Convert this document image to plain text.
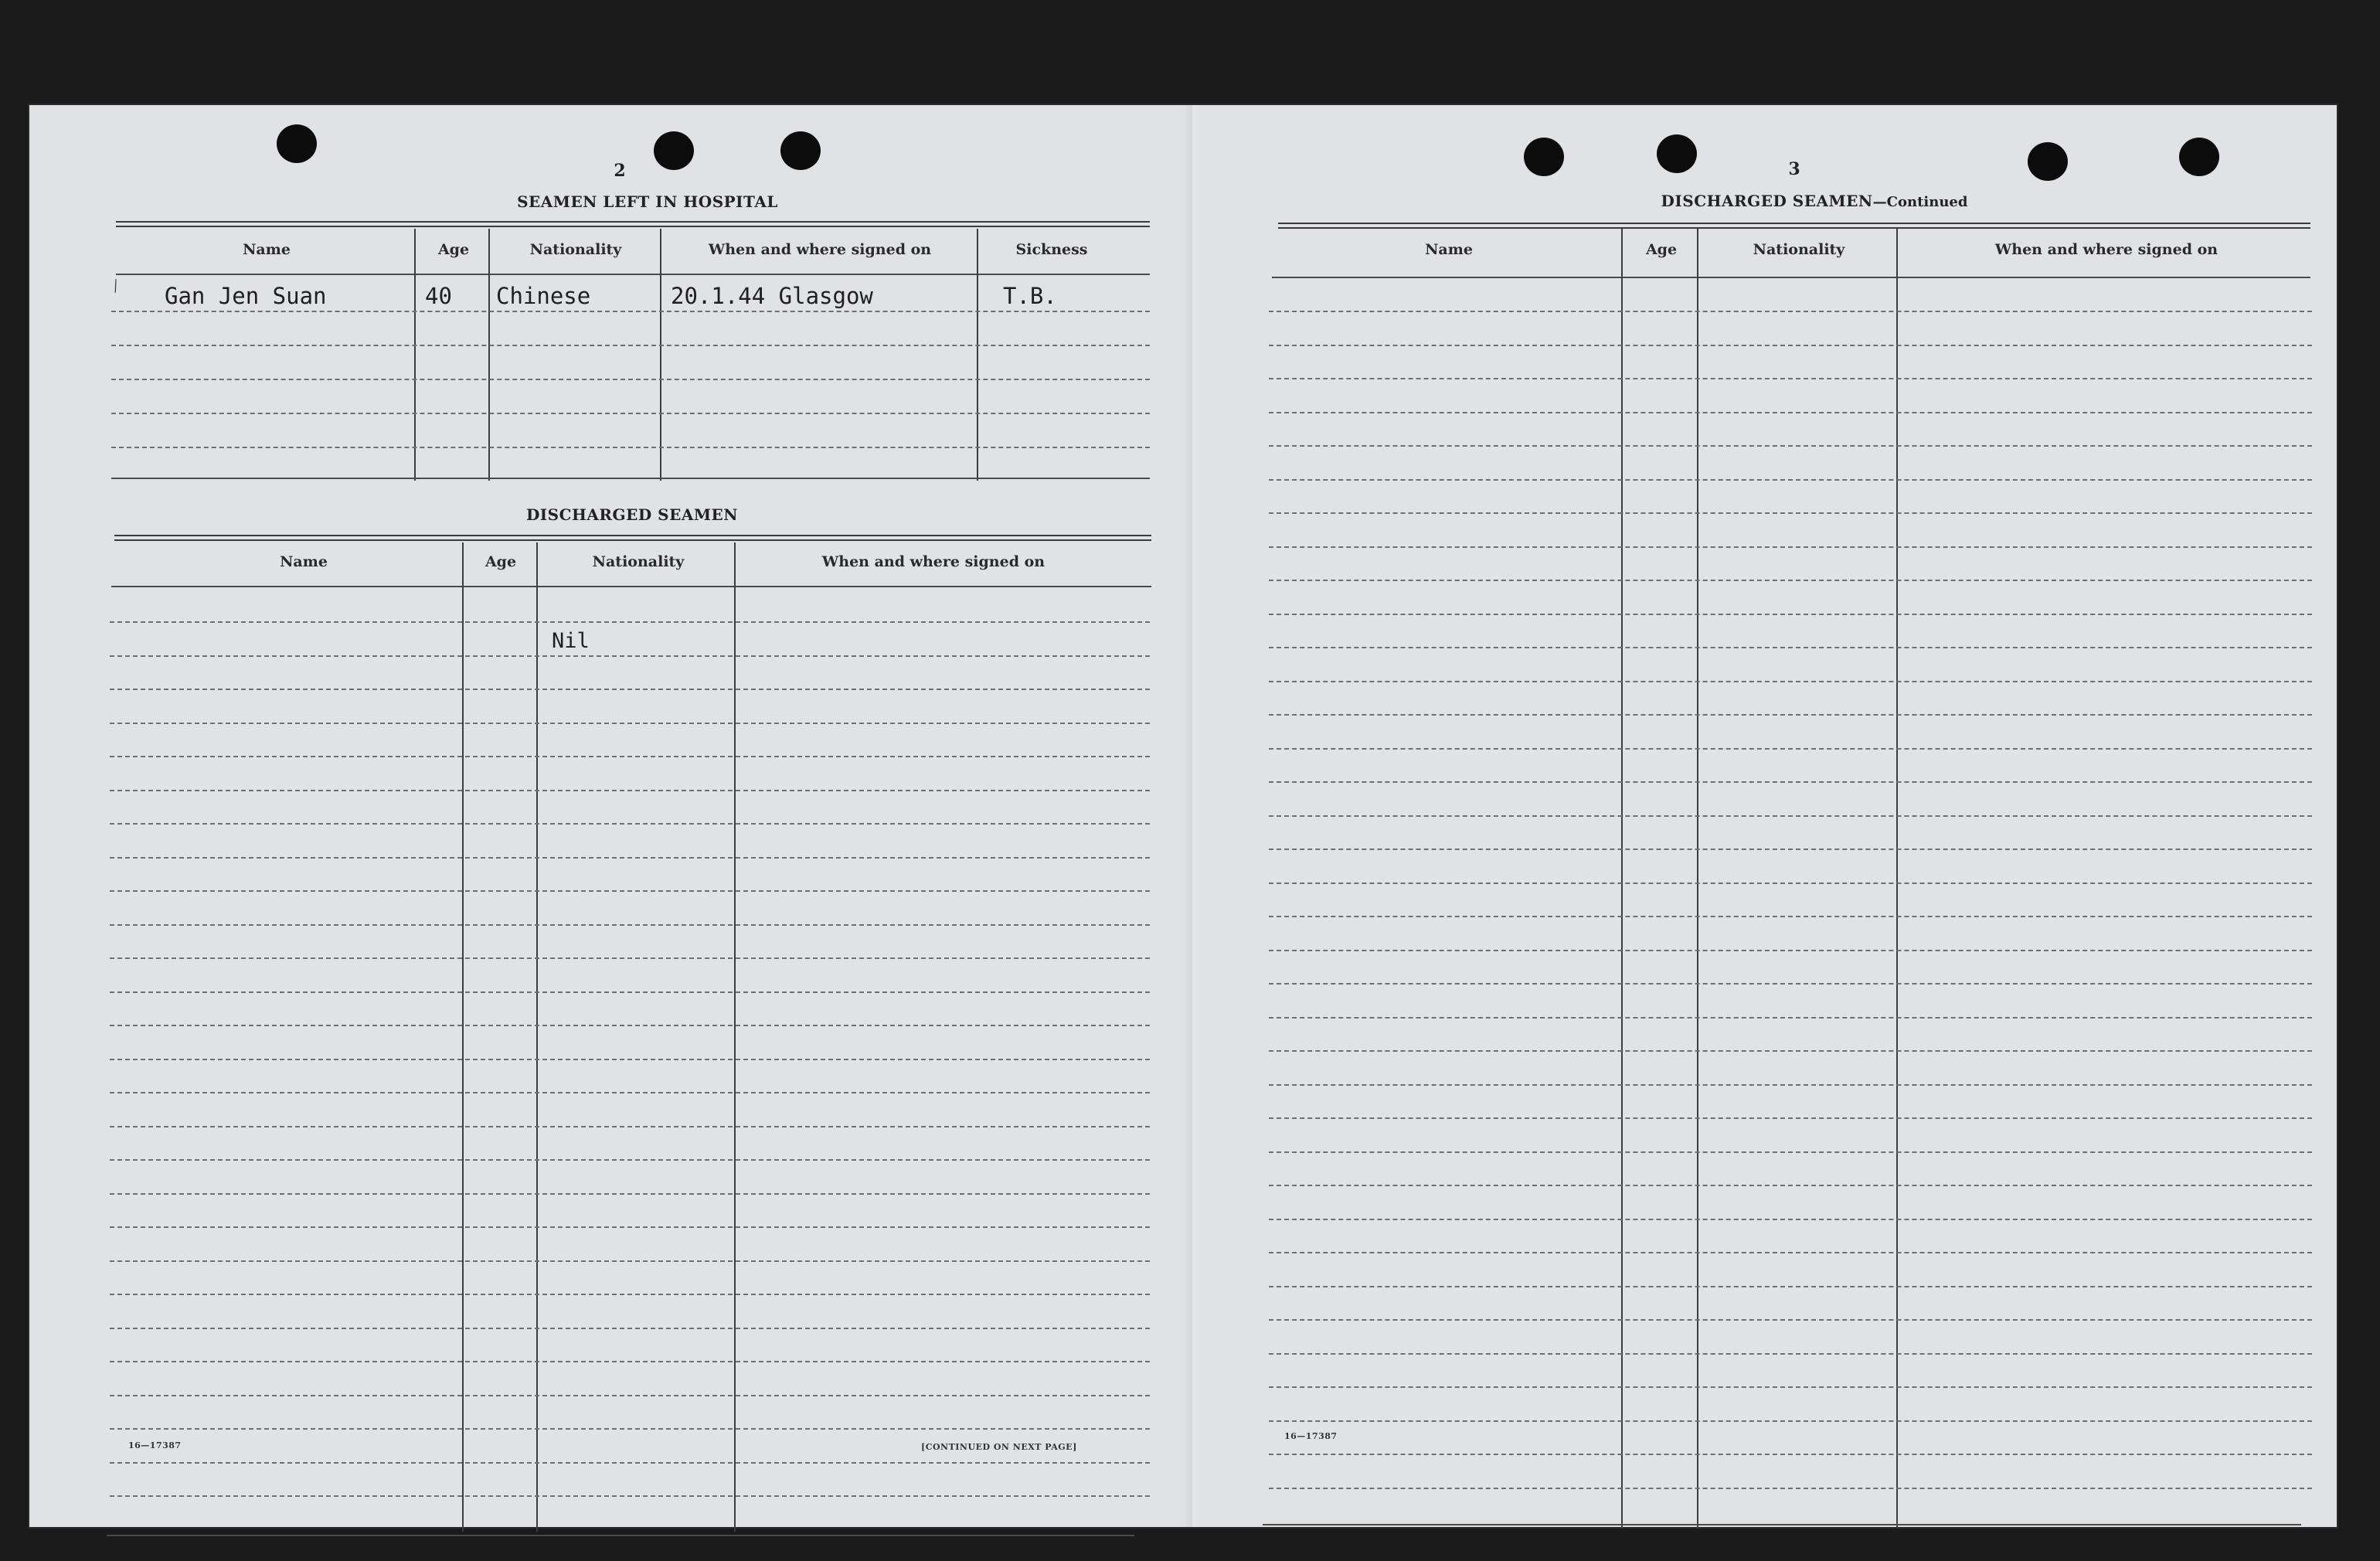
2
SEAMEN LEFT IN HOSPITAL
Name	Age	Nationality	When and where signed on	Sickness
﹨ Gan Jen Suan	40 Chinese	20.1.44 Glasgow	T.B.
DISCHARGED SEAMEN
Name	Age	Nationality	When and where signed on
Nil
16—17387	[CONTINUED ON NEXT PAGE]
3
DISCHARGED SEAMEN—Continued
Name	Age	Nationality	When and where signed on
16—17387
